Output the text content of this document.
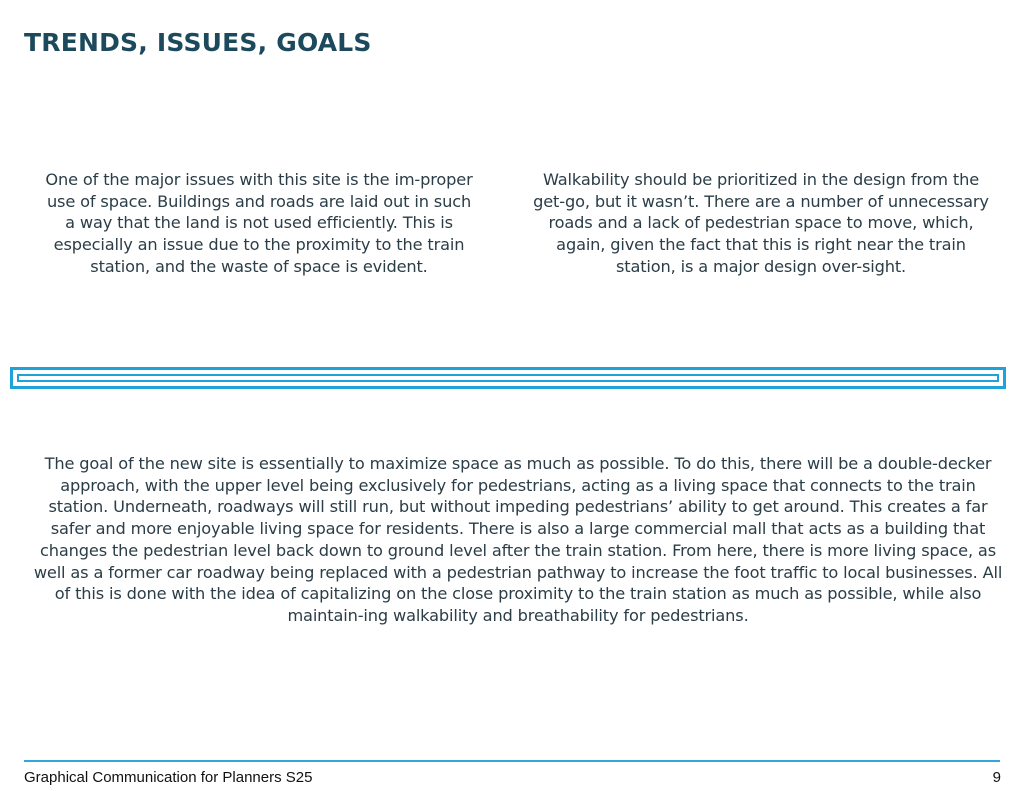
TRENDS, ISSUES, GOALS

One of the major issues with this site is the im-proper use of space. Buildings and roads are laid out in such a way that the land is not used efficiently. This is especially an issue due to the proximity to the train station, and the waste of space is evident.

Walkability should be prioritized in the design from the get-go, but it wasn’t. There are a number of unnecessary roads and a lack of pedestrian space to move, which, again, given the fact that this is right near the train station, is a major design over-sight.

The goal of the new site is essentially to maximize space as much as possible. To do this, there will be a double-decker approach, with the upper level being exclusively for pedestrians, acting as a living space that connects to the train station. Underneath, roadways will still run, but without impeding pedestrians’ ability to get around. This creates a far safer and more enjoyable living space for residents. There is also a large commercial mall that acts as a building that changes the pedestrian level back down to ground level after the train station. From here, there is more living space, as well as a former car roadway being replaced with a pedestrian pathway to increase the foot traffic to local businesses. All of this is done with the idea of capitalizing on the close proximity to the train station as much as possible, while also maintain-ing walkability and breathability for pedestrians.

Graphical Communication for Planners S25	9
